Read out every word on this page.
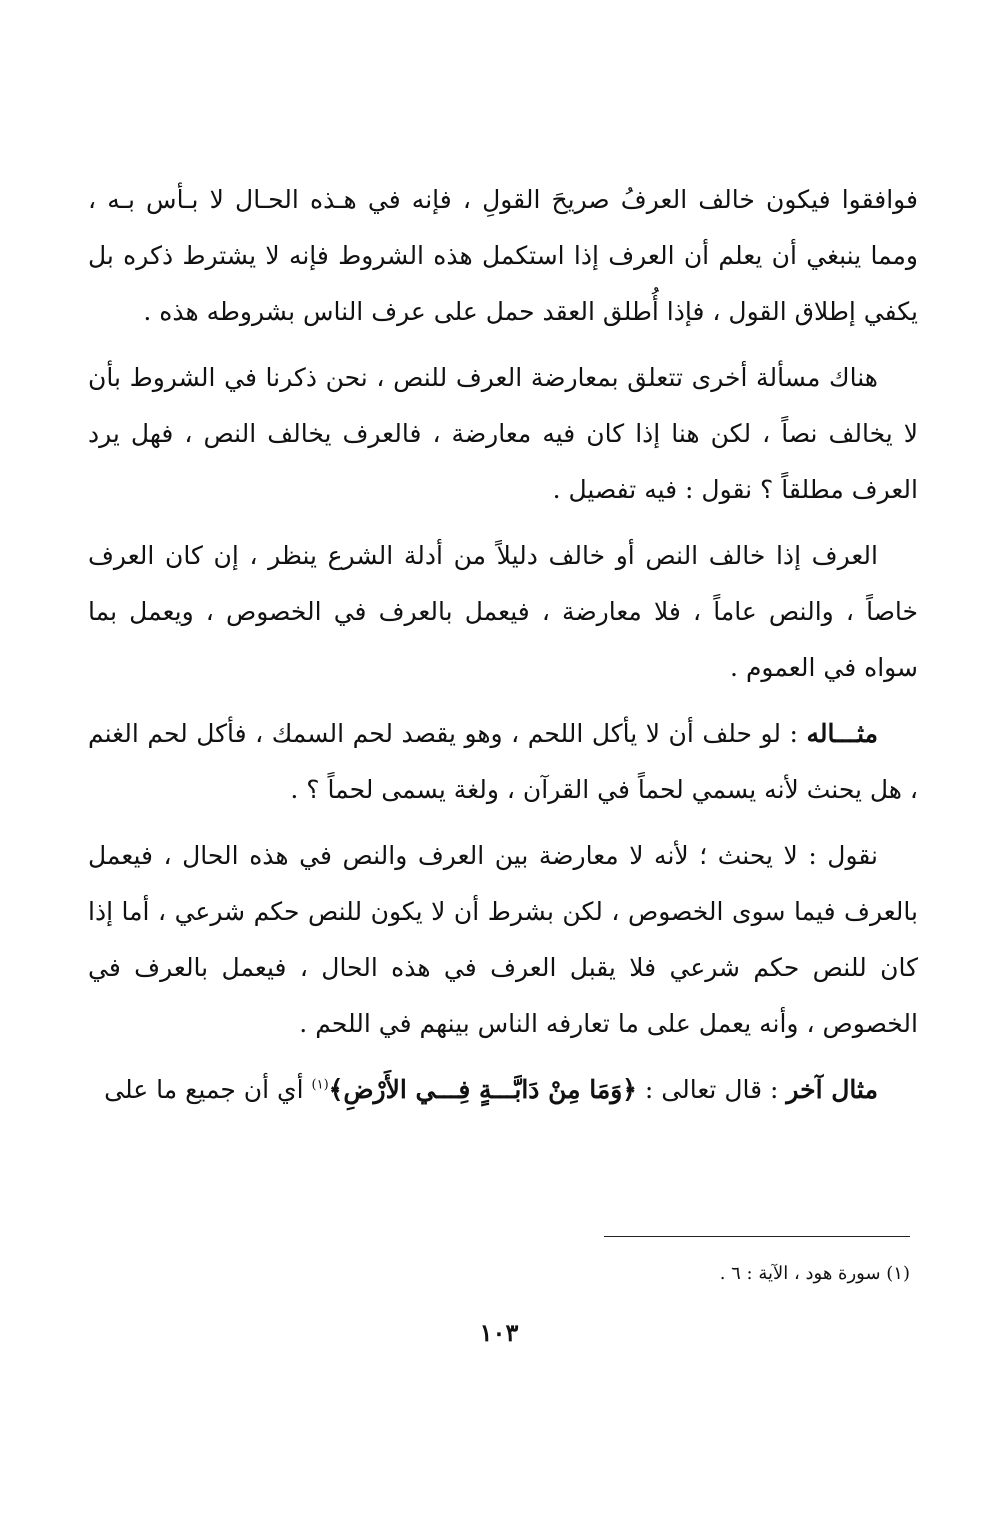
فوافقوا فيكون خالف العرفُ صريحَ القولِ ، فإنه في هـذه الحـال لا بـأس بـه ، ومما ينبغي أن يعلم أن العرف إذا استكمل هذه الشروط فإنه لا يشترط ذكره بل يكفي إطلاق القول ، فإذا أُطلق العقد حمل على عرف الناس بشروطه هذه .

هناك مسألة أخرى تتعلق بمعارضة العرف للنص ، نحن ذكرنا في الشروط بأن لا يخالف نصاً ، لكن هنا إذا كان فيه معارضة ، فالعرف يخالف النص ، فهل يرد العرف مطلقاً ؟ نقول : فيه تفصيل .

العرف إذا خالف النص أو خالف دليلاً من أدلة الشرع ينظر ، إن كان العرف خاصاً ، والنص عاماً ، فلا معارضة ، فيعمل بالعرف في الخصوص ، ويعمل بما سواه في العموم .

مثـــاله : لو حلف أن لا يأكل اللحم ، وهو يقصد لحم السمك ، فأكل لحم الغنم ، هل يحنث لأنه يسمي لحماً في القرآن ، ولغة يسمى لحماً ؟ .

نقول : لا يحنث ؛ لأنه لا معارضة بين العرف والنص في هذه الحال ، فيعمل بالعرف فيما سوى الخصوص ، لكن بشرط أن لا يكون للنص حكم شرعي ، أما إذا كان للنص حكم شرعي فلا يقبل العرف في هذه الحال ، فيعمل بالعرف في الخصوص ، وأنه يعمل على ما تعارفه الناس بينهم في اللحم .

مثال آخر : قال تعالى : ﴿وَمَا مِنْ دَابَّـــةٍ فِـــي الأَرْضِ﴾$^{(١)}$ أي أن جميع ما على

(١) سورة هود ، الآية : ٦ .
١٠٣
